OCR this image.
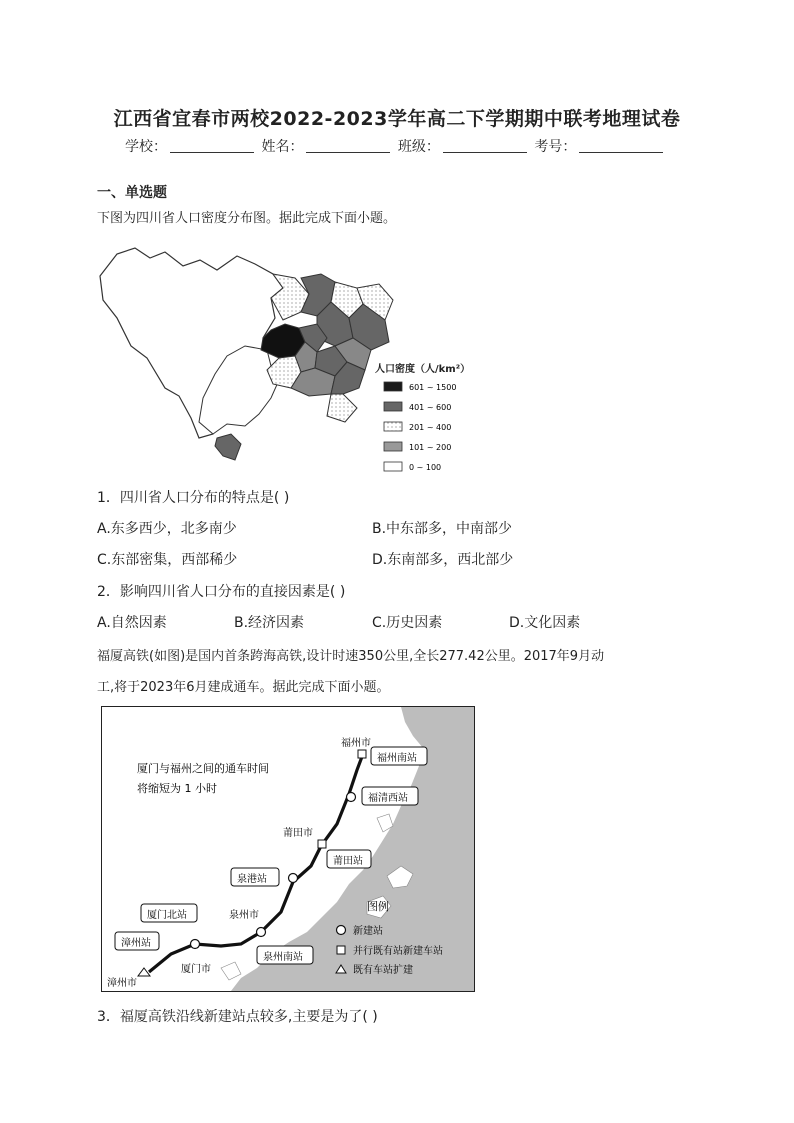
江西省宜春市两校2022-2023学年高二下学期期中联考地理试卷
学校：	姓名：	班级：	考号：
一、单选题
下图为四川省人口密度分布图。据此完成下面小题。
人口密度（人/km²）
601 ~ 1500
401 ~ 600
201 ~ 400
101 ~ 200
0 ~ 100
1．四川省人口分布的特点是( )
A.东多西少，北多南少	B.中东部多，中南部少
C.东部密集，西部稀少	D.东南部多，西北部少
2．影响四川省人口分布的直接因素是( )
A.自然因素	B.经济因素	C.历史因素	D.文化因素
福厦高铁(如图)是国内首条跨海高铁,设计时速350公里,全长277.42公里。2017年9月动
工,将于2023年6月建成通车。据此完成下面小题。
厦门与福州之间的通车时间
将缩短为 1 小时
福州市
福州南站
福清西站
莆田市
莆田站
泉港站
泉州市
泉州南站
厦门北站
厦门市
漳州站
漳州市
图例
新建站
并行既有站新建车站
既有车站扩建
3．福厦高铁沿线新建站点较多,主要是为了( )
